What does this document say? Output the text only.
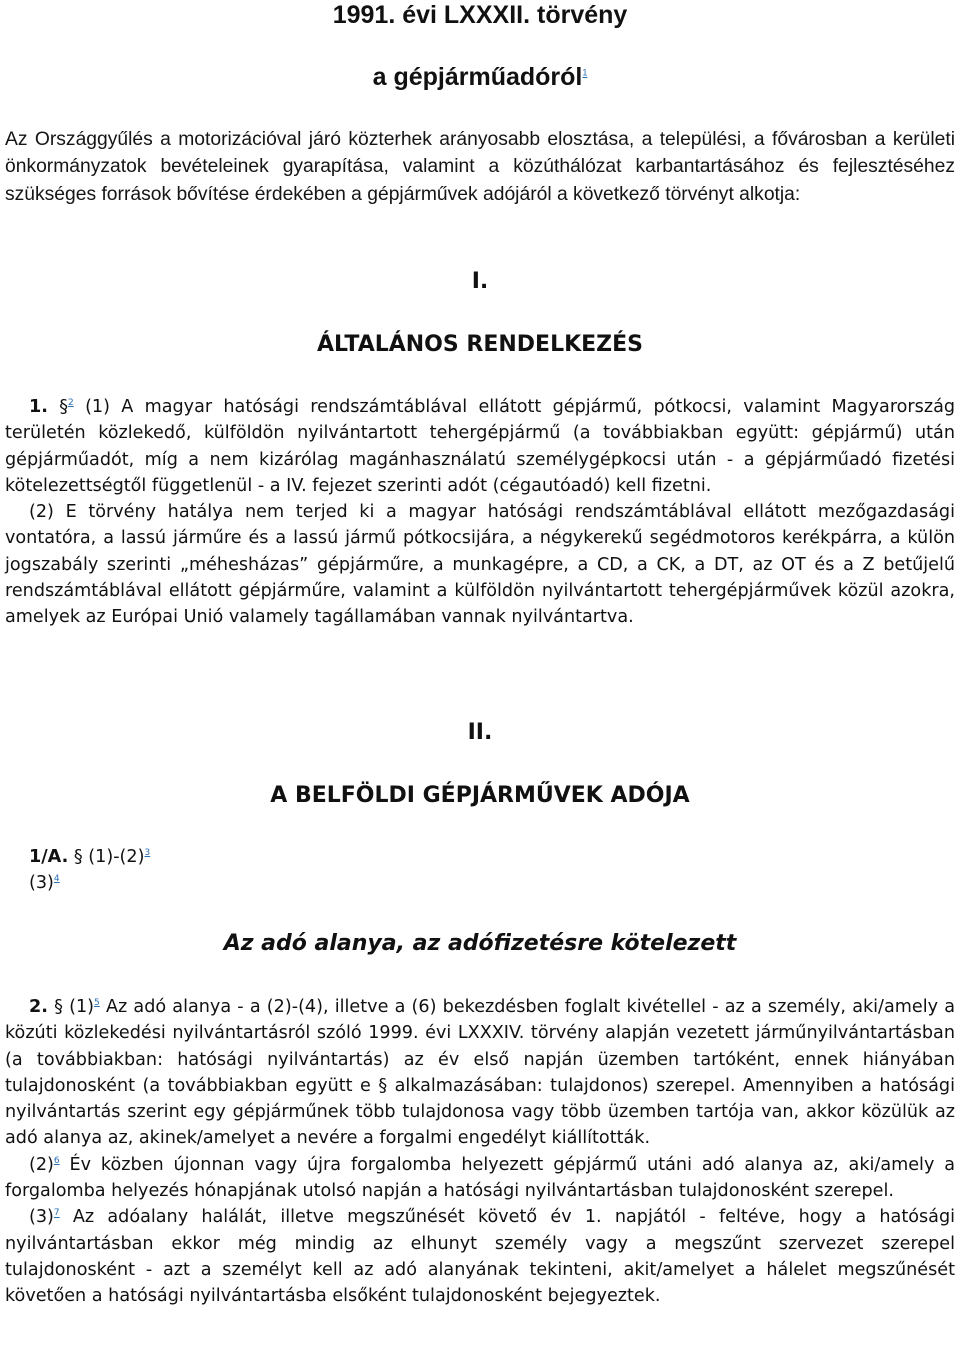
1991. évi LXXXII. törvény
a gépjárműadóról$^1$
Az Országgyűlés a motorizációval járó közterhek arányosabb elosztása, a települési, a fővárosban a kerületi önkormányzatok bevételeinek gyarapítása, valamint a közúthálózat karbantartásához és fejlesztéséhez szükséges források bővítése érdekében a gépjárművek adójáról a következő törvényt alkotja:
I.
ÁLTALÁNOS RENDELKEZÉS

1. §$^2$ (1) A magyar hatósági rendszámtáblával ellátott gépjármű, pótkocsi, valamint Magyarország területén közlekedő, külföldön nyilvántartott tehergépjármű (a továbbiakban együtt: gépjármű) után gépjárműadót, míg a nem kizárólag magánhasználatú személygépkocsi után - a gépjárműadó fizetési kötelezettségtől függetlenül - a IV. fejezet szerinti adót (cégautóadó) kell fizetni.

(2) E törvény hatálya nem terjed ki a magyar hatósági rendszámtáblával ellátott mezőgazdasági vontatóra, a lassú járműre és a lassú jármű pótkocsijára, a négykerekű segédmotoros kerékpárra, a külön jogszabály szerinti „méhesházas” gépjárműre, a munkagépre, a CD, a CK, a DT, az OT és a Z betűjelű rendszámtáblával ellátott gépjárműre, valamint a külföldön nyilvántartott tehergépjárművek közül azokra, amelyek az Európai Unió valamely tagállamában vannak nyilvántartva.

II.
A BELFÖLDI GÉPJÁRMŰVEK ADÓJA

1/A. § (1)-(2)$^3$

(3)$^4$

Az adó alanya, az adófizetésre kötelezett

2. § (1)$^5$ Az adó alanya - a (2)-(4), illetve a (6) bekezdésben foglalt kivétellel - az a személy, aki/amely a közúti közlekedési nyilvántartásról szóló 1999. évi LXXXIV. törvény alapján vezetett járműnyilvántartásban (a továbbiakban: hatósági nyilvántartás) az év első napján üzemben tartóként, ennek hiányában tulajdonosként (a továbbiakban együtt e § alkalmazásában: tulajdonos) szerepel. Amennyiben a hatósági nyilvántartás szerint egy gépjárműnek több tulajdonosa vagy több üzemben tartója van, akkor közülük az adó alanya az, akinek/amelyet a nevére a forgalmi engedélyt kiállították.

(2)$^6$ Év közben újonnan vagy újra forgalomba helyezett gépjármű utáni adó alanya az, aki/amely a forgalomba helyezés hónapjának utolsó napján a hatósági nyilvántartásban tulajdonosként szerepel.

(3)$^7$ Az adóalany halálát, illetve megszűnését követő év 1. napjától - feltéve, hogy a hatósági nyilvántartásban ekkor még mindig az elhunyt személy vagy a megszűnt szervezet szerepel tulajdonosként - azt a személyt kell az adó alanyának tekinteni, akit/amelyet a hálelet megszűnését követően a hatósági nyilvántartásba elsőként tulajdonosként bejegyeztek.
